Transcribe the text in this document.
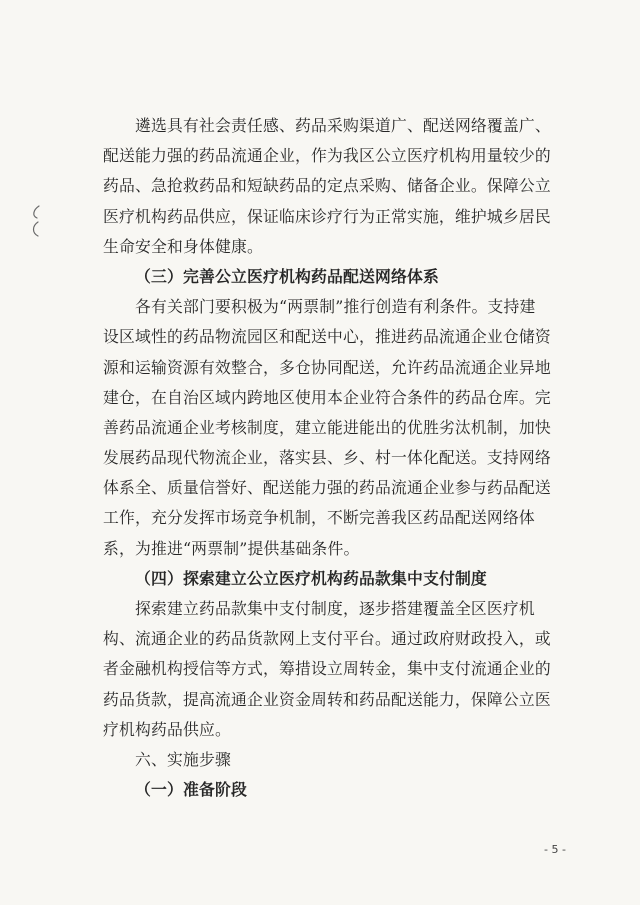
遴选具有社会责任感、药品采购渠道广、配送网络覆盖广、
配送能力强的药品流通企业，作为我区公立医疗机构用量较少的
药品、急抢救药品和短缺药品的定点采购、储备企业。保障公立
医疗机构药品供应，保证临床诊疗行为正常实施，维护城乡居民
生命安全和身体健康。
（三）完善公立医疗机构药品配送网络体系
各有关部门要积极为“两票制”推行创造有利条件。支持建
设区域性的药品物流园区和配送中心，推进药品流通企业仓储资
源和运输资源有效整合，多仓协同配送，允许药品流通企业异地
建仓，在自治区域内跨地区使用本企业符合条件的药品仓库。完
善药品流通企业考核制度，建立能进能出的优胜劣汰机制，加快
发展药品现代物流企业，落实县、乡、村一体化配送。支持网络
体系全、质量信誉好、配送能力强的药品流通企业参与药品配送
工作，充分发挥市场竞争机制，不断完善我区药品配送网络体
系，为推进“两票制”提供基础条件。
（四）探索建立公立医疗机构药品款集中支付制度
探索建立药品款集中支付制度，逐步搭建覆盖全区医疗机
构、流通企业的药品货款网上支付平台。通过政府财政投入，或
者金融机构授信等方式，筹措设立周转金，集中支付流通企业的
药品货款，提高流通企业资金周转和药品配送能力，保障公立医
疗机构药品供应。
六、实施步骤
（一）准备阶段
- 5 -
